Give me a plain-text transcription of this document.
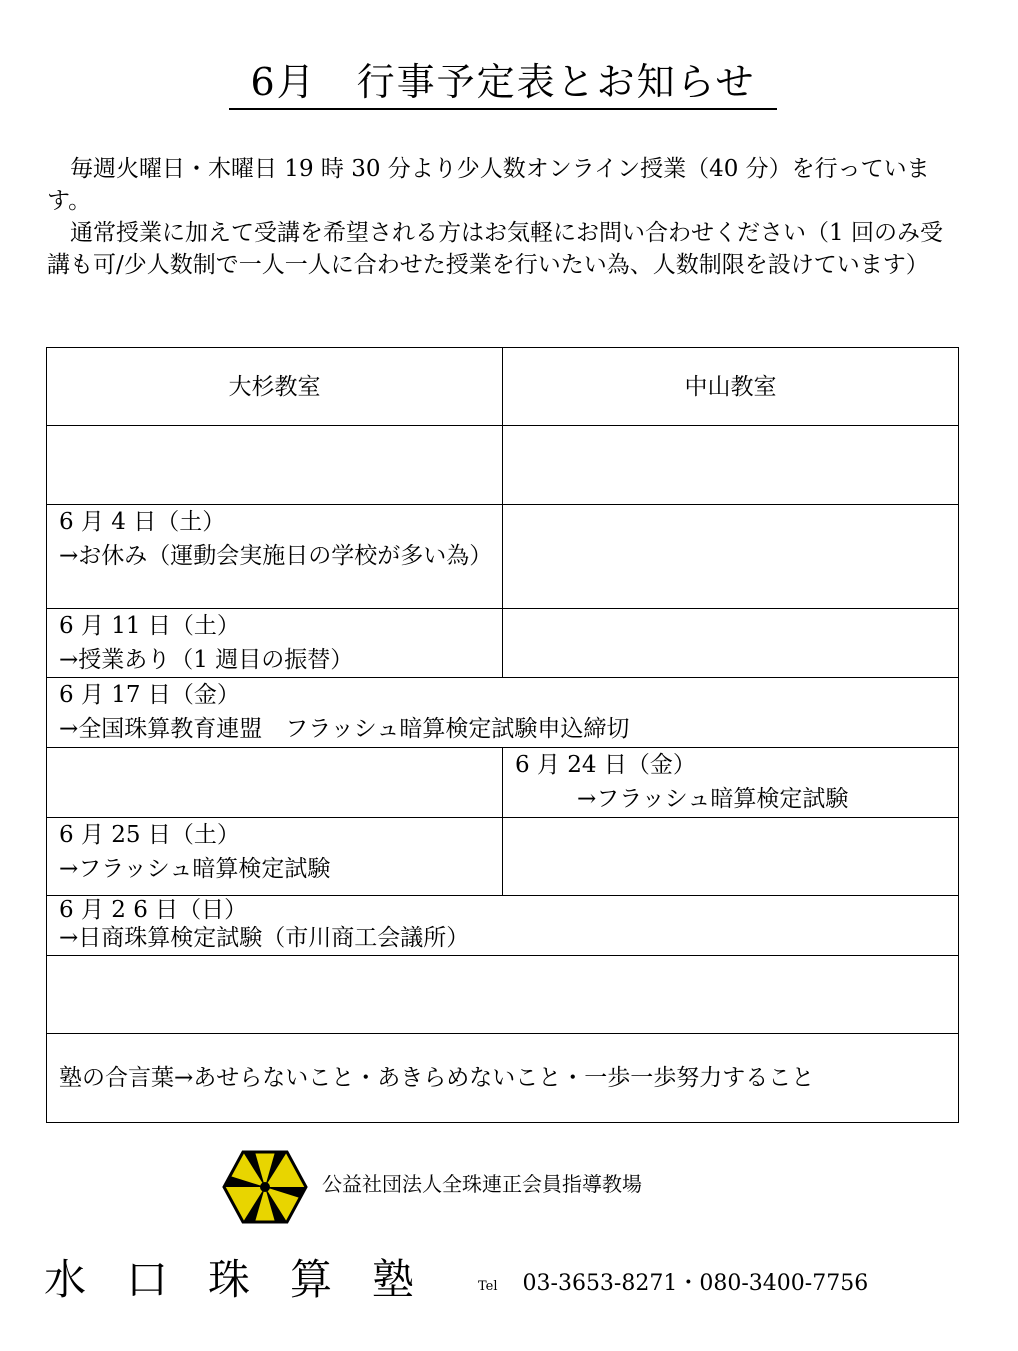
6月　行事予定表とお知らせ

毎週火曜日・木曜日 19 時 30 分より少人数オンライン授業（40 分）を行っています。

通常授業に加えて受講を希望される方はお気軽にお問い合わせください（1 回のみ受講も可/少人数制で一人一人に合わせた授業を行いたい為、人数制限を設けています）

大杉教室	中山教室

6 月 4 日（土）
→お休み（運動会実施日の学校が多い為）	

6 月 11 日（土）
→授業あり（1 週目の振替）	

6 月 17 日（金）
→全国珠算教育連盟　フラッシュ暗算検定試験申込締切	

	6 月 24 日（金）
→フラッシュ暗算検定試験

6 月 25 日（土）
→フラッシュ暗算検定試験	

6 月 2 6 日（日）
→日商珠算検定試験（市川商工会議所）	

塾の合言葉→あせらないこと・あきらめないこと・一歩一歩努力すること	
公益社団法人全珠連正会員指導教場
水口珠算塾 Tel 03-3653-8271・080-3400-7756
